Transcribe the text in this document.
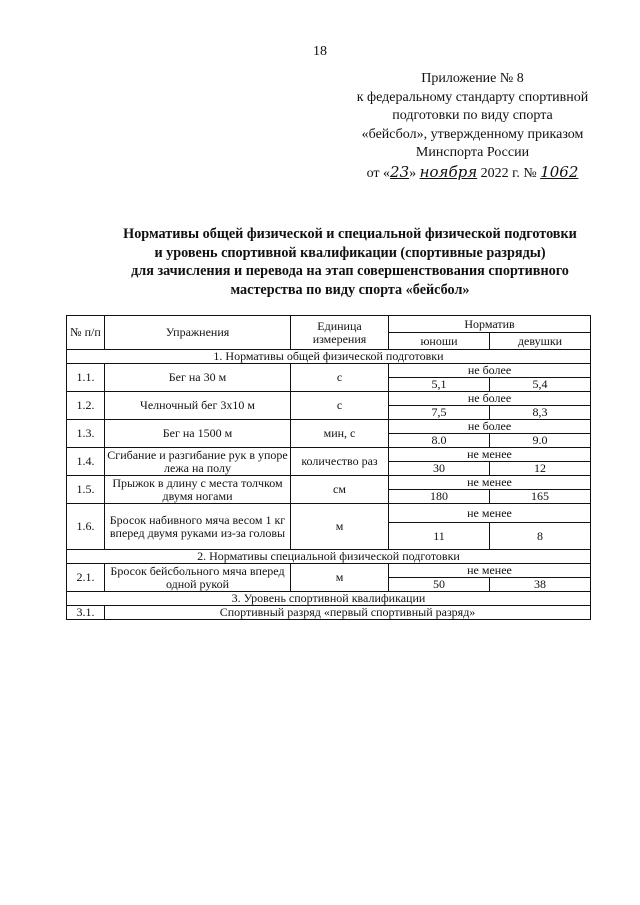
18
Приложение № 8
к федеральному стандарту спортивной
подготовки по виду спорта
«бейсбол», утвержденному приказом
Минспорта России
от «23» ноября 2022 г. № 1062
Нормативы общей физической и специальной физической подготовки
и уровень спортивной квалификации (спортивные разряды)
для зачисления и перевода на этап совершенствования спортивного
мастерства по виду спорта «бейсбол»
№ п/п	Упражнения	Единица измерения	Норматив	
			юноши	девушки
1. Нормативы общей физической подготовки				
1.1.	Бег на 30 м	с	не более	
			5,1	5,4
1.2.	Челночный бег 3х10 м	с	не более	
			7,5	8,3
1.3.	Бег на 1500 м	мин, с	не более	
			8.0	9.0
1.4.	Сгибание и разгибание рук в упоре лежа на полу	количество раз	не менее	
			30	12
1.5.	Прыжок в длину с места толчком двумя ногами	см	не менее	
			180	165
1.6.	Бросок набивного мяча весом 1 кг вперед двумя руками из-за головы	м	не менее	
			11	8
2. Нормативы специальной физической подготовки				
2.1.	Бросок бейсбольного мяча вперед одной рукой	м	не менее	
			50	38
3. Уровень спортивной квалификации				
3.1.	Спортивный разряд «первый спортивный разряд»			
